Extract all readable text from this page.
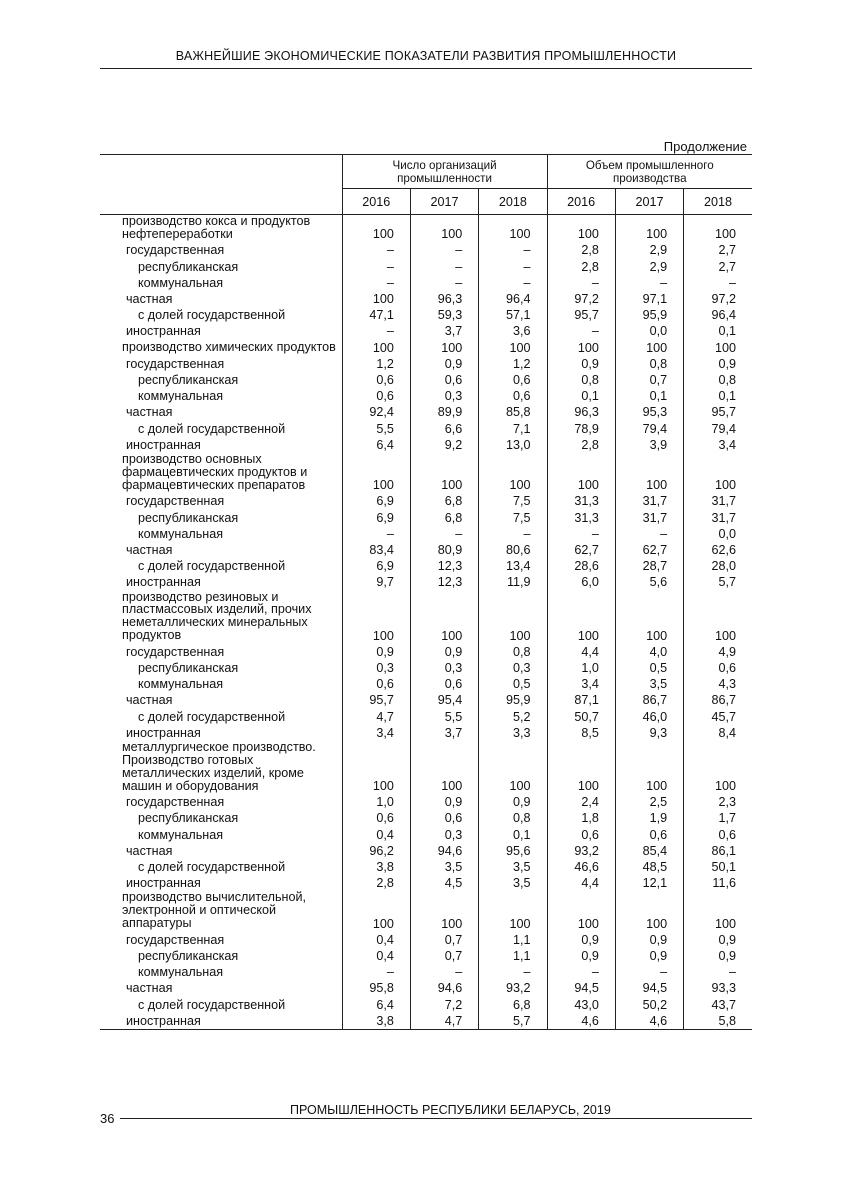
ВАЖНЕЙШИЕ ЭКОНОМИЧЕСКИЕ ПОКАЗАТЕЛИ РАЗВИТИЯ ПРОМЫШЛЕННОСТИ
Продолжение
	Число организаций промышленности			Объем промышленного производства		
	2016	2017	2018	2016	2017	2018
производство кокса и продуктов нефтепереработки	100	100	100	100	100	100
государственная	–	–	–	2,8	2,9	2,7
республиканская	–	–	–	2,8	2,9	2,7
коммунальная	–	–	–	–	–	–
частная	100	96,3	96,4	97,2	97,1	97,2
с долей государственной	47,1	59,3	57,1	95,7	95,9	96,4
иностранная	–	3,7	3,6	–	0,0	0,1
производство химических продуктов	100	100	100	100	100	100
государственная	1,2	0,9	1,2	0,9	0,8	0,9
республиканская	0,6	0,6	0,6	0,8	0,7	0,8
коммунальная	0,6	0,3	0,6	0,1	0,1	0,1
частная	92,4	89,9	85,8	96,3	95,3	95,7
с долей государственной	5,5	6,6	7,1	78,9	79,4	79,4
иностранная	6,4	9,2	13,0	2,8	3,9	3,4
производство основных фармацевтических продуктов и фармацевтических препаратов	100	100	100	100	100	100
государственная	6,9	6,8	7,5	31,3	31,7	31,7
республиканская	6,9	6,8	7,5	31,3	31,7	31,7
коммунальная	–	–	–	–	–	0,0
частная	83,4	80,9	80,6	62,7	62,7	62,6
с долей государственной	6,9	12,3	13,4	28,6	28,7	28,0
иностранная	9,7	12,3	11,9	6,0	5,6	5,7
производство резиновых и пластмассовых изделий, прочих неметаллических минеральных продуктов	100	100	100	100	100	100
государственная	0,9	0,9	0,8	4,4	4,0	4,9
республиканская	0,3	0,3	0,3	1,0	0,5	0,6
коммунальная	0,6	0,6	0,5	3,4	3,5	4,3
частная	95,7	95,4	95,9	87,1	86,7	86,7
с долей государственной	4,7	5,5	5,2	50,7	46,0	45,7
иностранная	3,4	3,7	3,3	8,5	9,3	8,4
металлургическое производство. Производство готовых металлических изделий, кроме машин и оборудования	100	100	100	100	100	100
государственная	1,0	0,9	0,9	2,4	2,5	2,3
республиканская	0,6	0,6	0,8	1,8	1,9	1,7
коммунальная	0,4	0,3	0,1	0,6	0,6	0,6
частная	96,2	94,6	95,6	93,2	85,4	86,1
с долей государственной	3,8	3,5	3,5	46,6	48,5	50,1
иностранная	2,8	4,5	3,5	4,4	12,1	11,6
производство вычислительной, электронной и оптической аппаратуры	100	100	100	100	100	100
государственная	0,4	0,7	1,1	0,9	0,9	0,9
республиканская	0,4	0,7	1,1	0,9	0,9	0,9
коммунальная	–	–	–	–	–	–
частная	95,8	94,6	93,2	94,5	94,5	93,3
с долей государственной	6,4	7,2	6,8	43,0	50,2	43,7
иностранная	3,8	4,7	5,7	4,6	4,6	5,8
36
ПРОМЫШЛЕННОСТЬ РЕСПУБЛИКИ БЕЛАРУСЬ, 2019
